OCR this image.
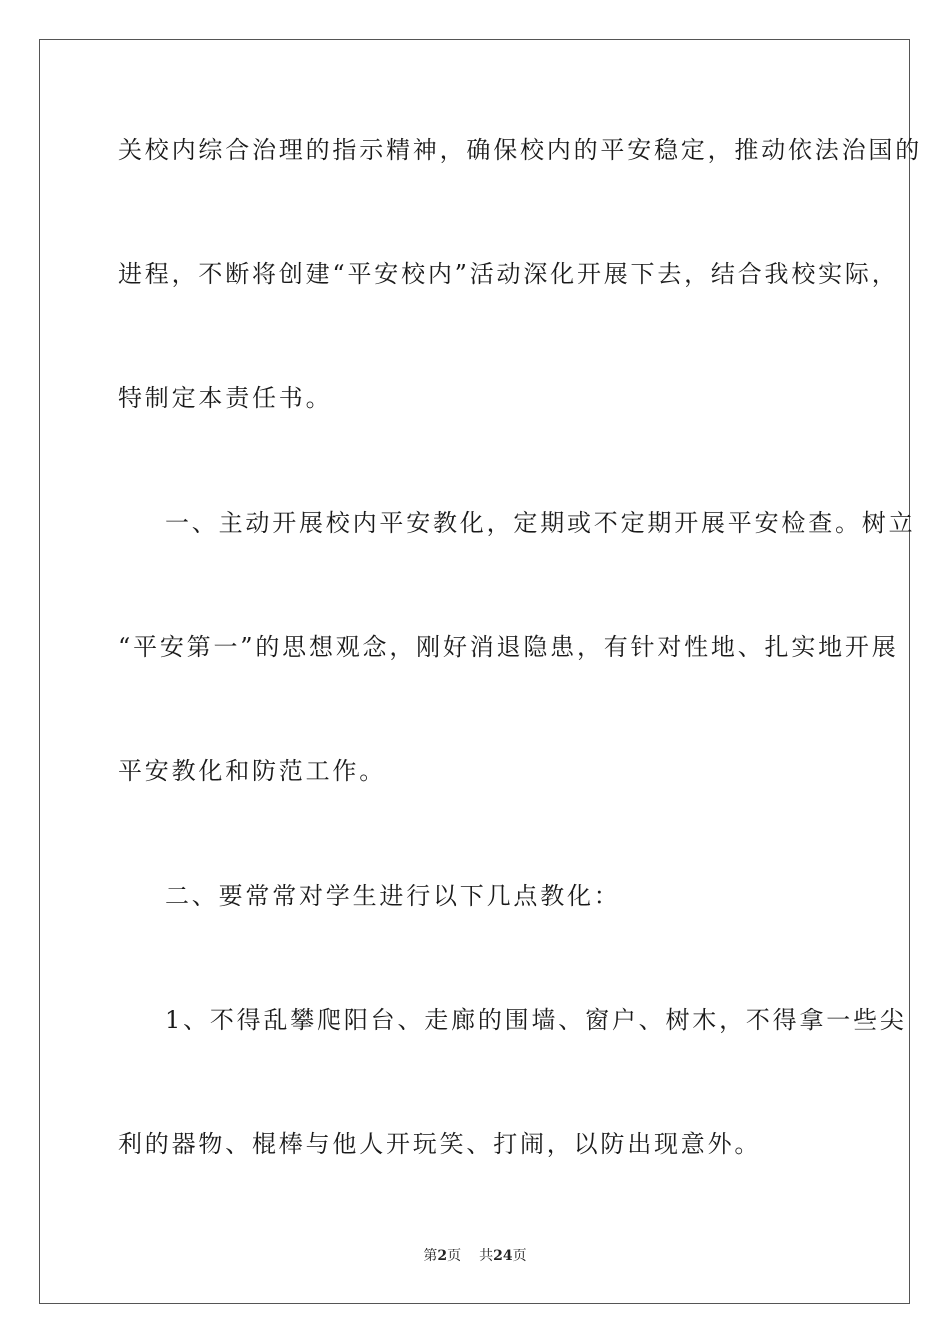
关校内综合治理的指示精神，确保校内的平安稳定，推动依法治国的
进程，不断将创建“平安校内”活动深化开展下去，结合我校实际，
特制定本责任书。
一、主动开展校内平安教化，定期或不定期开展平安检查。树立
“平安第一”的思想观念，刚好消退隐患，有针对性地、扎实地开展
平安教化和防范工作。
二、要常常对学生进行以下几点教化：
1、不得乱攀爬阳台、走廊的围墙、窗户、树木，不得拿一些尖
利的器物、棍棒与他人开玩笑、打闹，以防出现意外。
第2页 共24页
